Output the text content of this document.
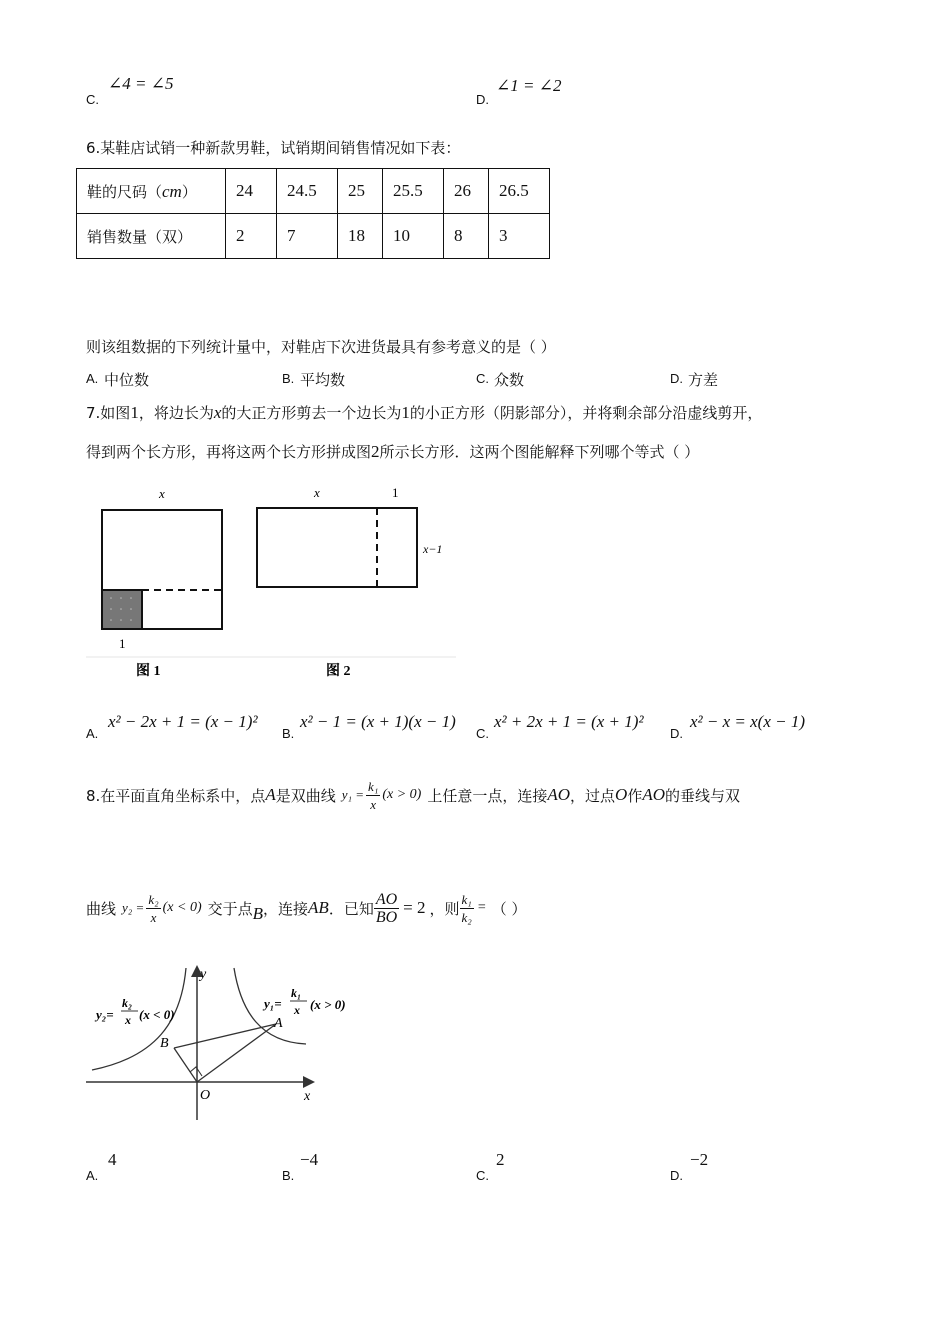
C.
∠4 = ∠5
D.
∠1 = ∠2
6.某鞋店试销一种新款男鞋，试销期间销售情况如下表：
鞋的尺码（cm）	24	24.5	25	25.5	26	26.5
销售数量（双）	2	7	18	10	8	3
则该组数据的下列统计量中，对鞋店下次进货最具有参考意义的是（ ）
A. 中位数	B. 平均数	C. 众数	D. 方差
7.如图1，将边长为x的大正方形剪去一个边长为1的小正方形（阴影部分），并将剩余部分沿虚线剪开，
得到两个长方形，再将这两个长方形拼成图2所示长方形．这两个图能解释下列哪个等式（ ）
x
1
x	1
x−1
图 1	图 2
A.
x² − 2x + 1 = (x − 1)²
B.
x² − 1 = (x + 1)(x − 1)
C.
x² + 2x + 1 = (x + 1)²
D.
x² − x = x(x − 1)
8.在平面直角坐标系中，点 A 是双曲线 $y_1 = \frac{\text{k₁}}{x} (x > 0)$ 上任意一点，连接 AO ，过点 O 作 AO 的垂线与双
曲线 $y_2 = \frac{\text{k₂}}{x} (x < 0)$ 交于点 B ，连接 AB ．已知 $\frac{AO}{BO} = 2$ ，则 $\frac{\text{k₁}}{\text{k₂}}$ = （ ）
y
x
O
A
B
y₂=
k₂
x (x < 0)
y₁=
k₁
x (x > 0)
A.
4
B.
−4
C.
2
D.
−2
